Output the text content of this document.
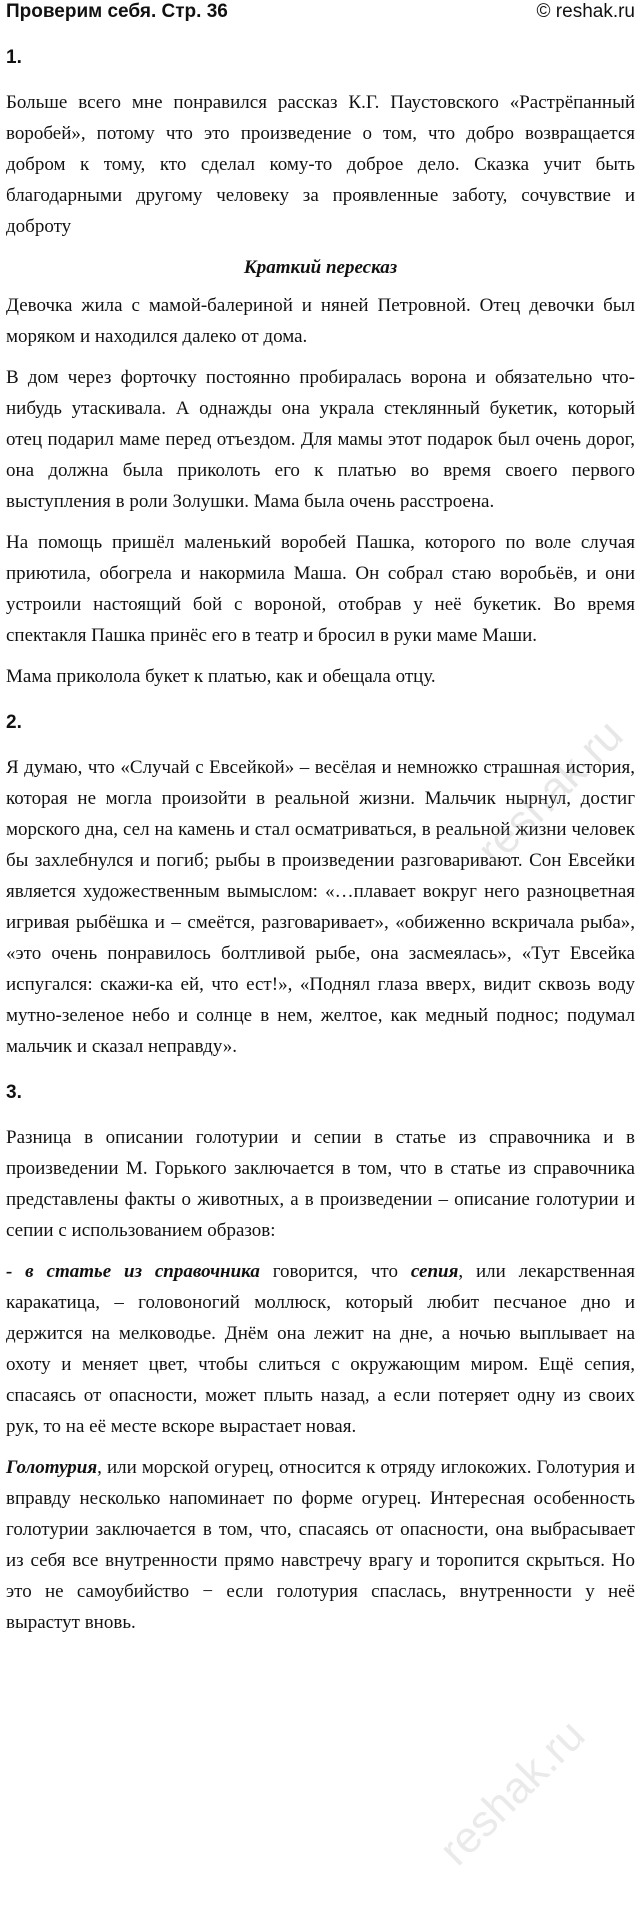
Проверим себя. Стр. 36	© reshak.ru
1.

Больше всего мне понравился рассказ К.Г. Паустовского «Растрёпанный воробей», потому что это произведение о том, что добро возвращается добром к тому, кто сделал кому-то доброе дело. Сказка учит быть благодарными другому человеку за проявленные заботу, сочувствие и доброту

Краткий пересказ

Девочка жила с мамой-балериной и няней Петровной. Отец девочки был моряком и находился далеко от дома.

В дом через форточку постоянно пробиралась ворона и обязательно что-нибудь утаскивала. А однажды она украла стеклянный букетик, который отец подарил маме перед отъездом. Для мамы этот подарок был очень дорог, она должна была приколоть его к платью во время своего первого выступления в роли Золушки. Мама была очень расстроена.

На помощь пришёл маленький воробей Пашка, которого по воле случая приютила, обогрела и накормила Маша. Он собрал стаю воробьёв, и они устроили настоящий бой с вороной, отобрав у неё букетик. Во время спектакля Пашка принёс его в театр и бросил в руки маме Маши.

Мама приколола букет к платью, как и обещала отцу.

2.

Я думаю, что «Случай с Евсейкой» – весёлая и немножко страшная история, которая не могла произойти в реальной жизни. Мальчик нырнул, достиг морского дна, сел на камень и стал осматриваться, в реальной жизни человек бы захлебнулся и погиб; рыбы в произведении разговаривают. Сон Евсейки является художественным вымыслом: «…плавает вокруг него разноцветная игривая рыбёшка и – смеётся, разговаривает», «обиженно вскричала рыба», «это очень понравилось болтливой рыбе, она засмеялась», «Тут Евсейка испугался: скажи-ка ей, что ест!», «Поднял глаза вверх, видит сквозь воду мутно-зеленое небо и солнце в нем, желтое, как медный поднос; подумал мальчик и сказал неправду».

3.

Разница в описании голотурии и сепии в статье из справочника и в произведении М. Горького заключается в том, что в статье из справочника представлены факты о животных, а в произведении – описание голотурии и сепии с использованием образов:

- в статье из справочника говорится, что сепия, или лекарственная каракатица, – головоногий моллюск, который любит песчаное дно и держится на мелководье. Днём она лежит на дне, а ночью выплывает на охоту и меняет цвет, чтобы слиться с окружающим миром. Ещё сепия, спасаясь от опасности, может плыть назад, а если потеряет одну из своих рук, то на её месте вскоре вырастает новая.

Голотурия, или морской огурец, относится к отряду иглокожих. Голотурия и вправду несколько напоминает по форме огурец. Интересная особенность голотурии заключается в том, что, спасаясь от опасности, она выбрасывает из себя все внутренности прямо навстречу врагу и торопится скрыться. Но это не самоубийство − если голотурия спаслась, внутренности у неё вырастут вновь.

reshak.ru
reshak.ru
